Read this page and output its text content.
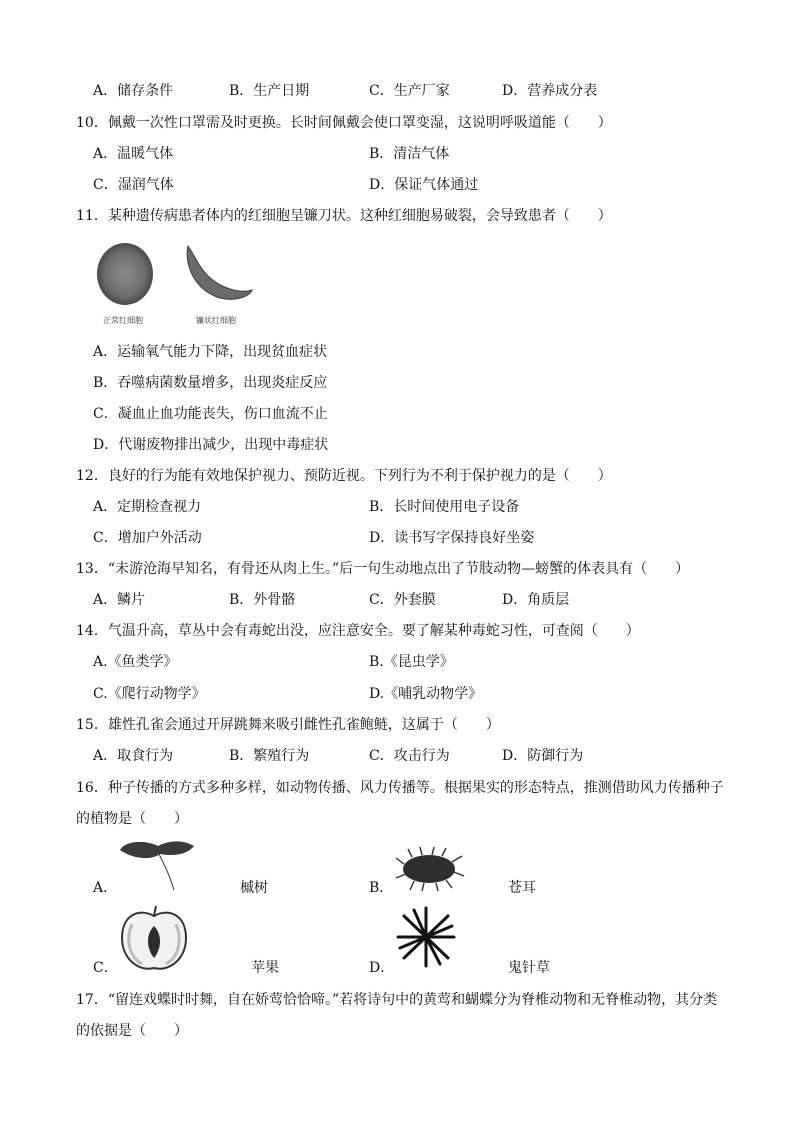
A．储存条件	B．生产日期	C．生产厂家	D．营养成分表
10．佩戴一次性口罩需及时更换。长时间佩戴会使口罩变湿，这说明呼吸道能（　　）
A．温暖气体	B．清洁气体
C．湿润气体	D．保证气体通过
11．某种遗传病患者体内的红细胞呈镰刀状。这种红细胞易破裂，会导致患者（　　）
正常红细胞	镰状红细胞
A．运输氧气能力下降，出现贫血症状
B．吞噬病菌数量增多，出现炎症反应
C．凝血止血功能丧失，伤口血流不止
D．代谢废物排出减少，出现中毒症状
12．良好的行为能有效地保护视力、预防近视。下列行为不利于保护视力的是（　　）
A．定期检查视力	B．长时间使用电子设备
C．增加户外活动	D．读书写字保持良好坐姿
13．“未游沧海早知名，有骨还从肉上生。”后一句生动地点出了节肢动物—螃蟹的体表具有（　　）
A．鳞片	B．外骨骼	C．外套膜	D．角质层
14．气温升高，草丛中会有毒蛇出没，应注意安全。要了解某种毒蛇习性，可查阅（　　）
A.《鱼类学》	B.《昆虫学》
C.《爬行动物学》	D.《哺乳动物学》
15．雄性孔雀会通过开屏跳舞来吸引雌性孔雀鲍鲢，这属于（　　）
A．取食行为	B．繁殖行为	C．攻击行为	D．防御行为
16．种子传播的方式多种多样，如动物传播、风力传播等。根据果实的形态特点，推测借助风力传播种子
的植物是（　　）
A．	槭树	B．	苍耳
C．	苹果	D．	鬼针草
17．“留连戏蝶时时舞，自在娇莺恰恰啼。”若将诗句中的黄莺和蝴蝶分为脊椎动物和无脊椎动物，其分类
的依据是（　　）
